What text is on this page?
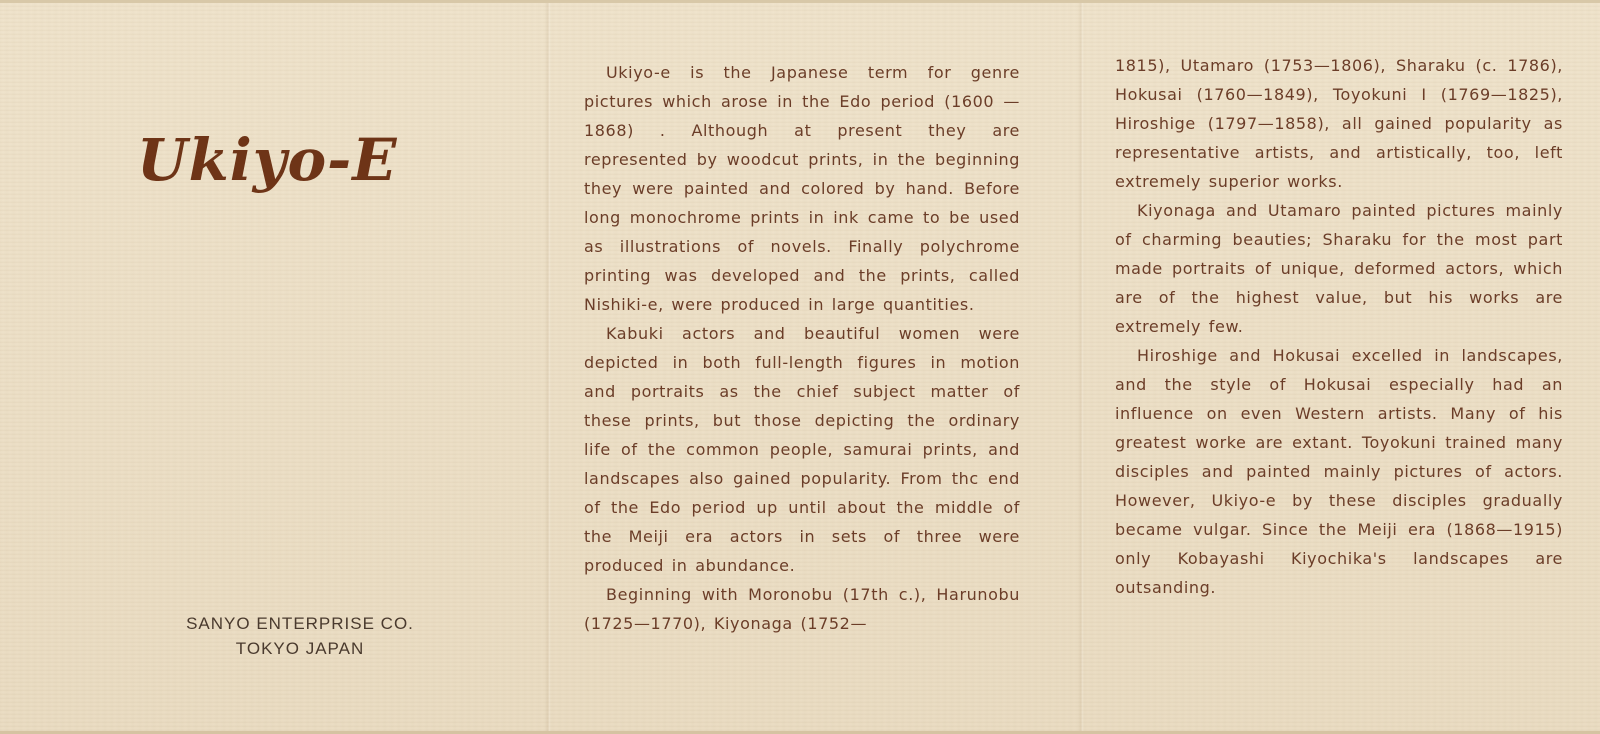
Ukiyo-E
SANYO ENTERPRISE CO.
TOKYO JAPAN

Ukiyo-e is the Japanese term for genre pictures which arose in the Edo period (1600 —1868) . Although at present they are represented by woodcut prints, in the beginning they were painted and colored by hand. Before long monochrome prints in ink came to be used as illustrations of novels. Finally polychrome printing was developed and the prints, called Nishiki-e, were produced in large quantities.

Kabuki actors and beautiful women were depicted in both full-length figures in motion and portraits as the chief subject matter of these prints, but those depicting the ordinary life of the common people, samurai prints, and landscapes also gained popularity. From thc end of the Edo period up until about the middle of the Meiji era actors in sets of three were produced in abundance.

Beginning with Moronobu (17th c.), Harunobu (1725—1770), Kiyonaga (1752—

1815), Utamaro (1753—1806), Sharaku (c. 1786), Hokusai (1760—1849), Toyokuni I (1769—1825), Hiroshige (1797—1858), all gained popularity as representative artists, and artistically, too, left extremely superior works.

Kiyonaga and Utamaro painted pictures mainly of charming beauties; Sharaku for the most part made portraits of unique, deformed actors, which are of the highest value, but his works are extremely few.

Hiroshige and Hokusai excelled in landscapes, and the style of Hokusai especially had an influence on even Western artists. Many of his greatest worke are extant. Toyokuni trained many disciples and painted mainly pictures of actors. However, Ukiyo-e by these disciples gradually became vulgar. Since the Meiji era (1868—1915) only Kobayashi Kiyochika's landscapes are outsanding.
